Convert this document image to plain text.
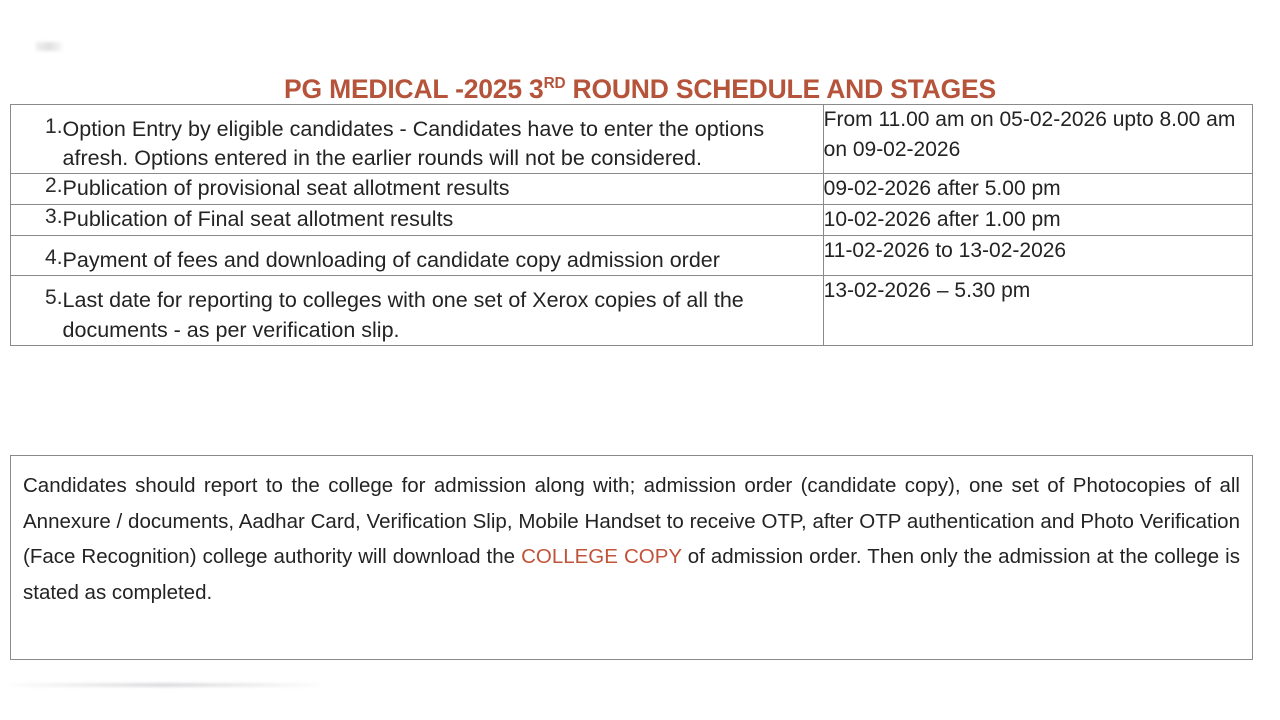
PG MEDICAL -2025 3RD ROUND SCHEDULE AND STAGES
1.	Option Entry by eligible candidates - Candidates have to enter the options afresh. Options entered in the earlier rounds will not be considered.	From 11.00 am on 05-02-2026 upto 8.00 am on 09-02-2026
2.	Publication of provisional seat allotment results	09-02-2026 after 5.00 pm
3.	Publication of Final seat allotment results	10-02-2026 after 1.00 pm
4.	Payment of fees and downloading of candidate copy admission order	11-02-2026 to 13-02-2026
5.	Last date for reporting to colleges with one set of Xerox copies of all the documents - as per verification slip.	13-02-2026 – 5.30 pm

Candidates should report to the college for admission along with; admission order (candidate copy), one set of Photocopies of all Annexure / documents, Aadhar Card, Verification Slip, Mobile Handset to receive OTP, after OTP authentication and Photo Verification (Face Recognition) college authority will download the COLLEGE COPY of admission order. Then only the admission at the college is stated as completed.
